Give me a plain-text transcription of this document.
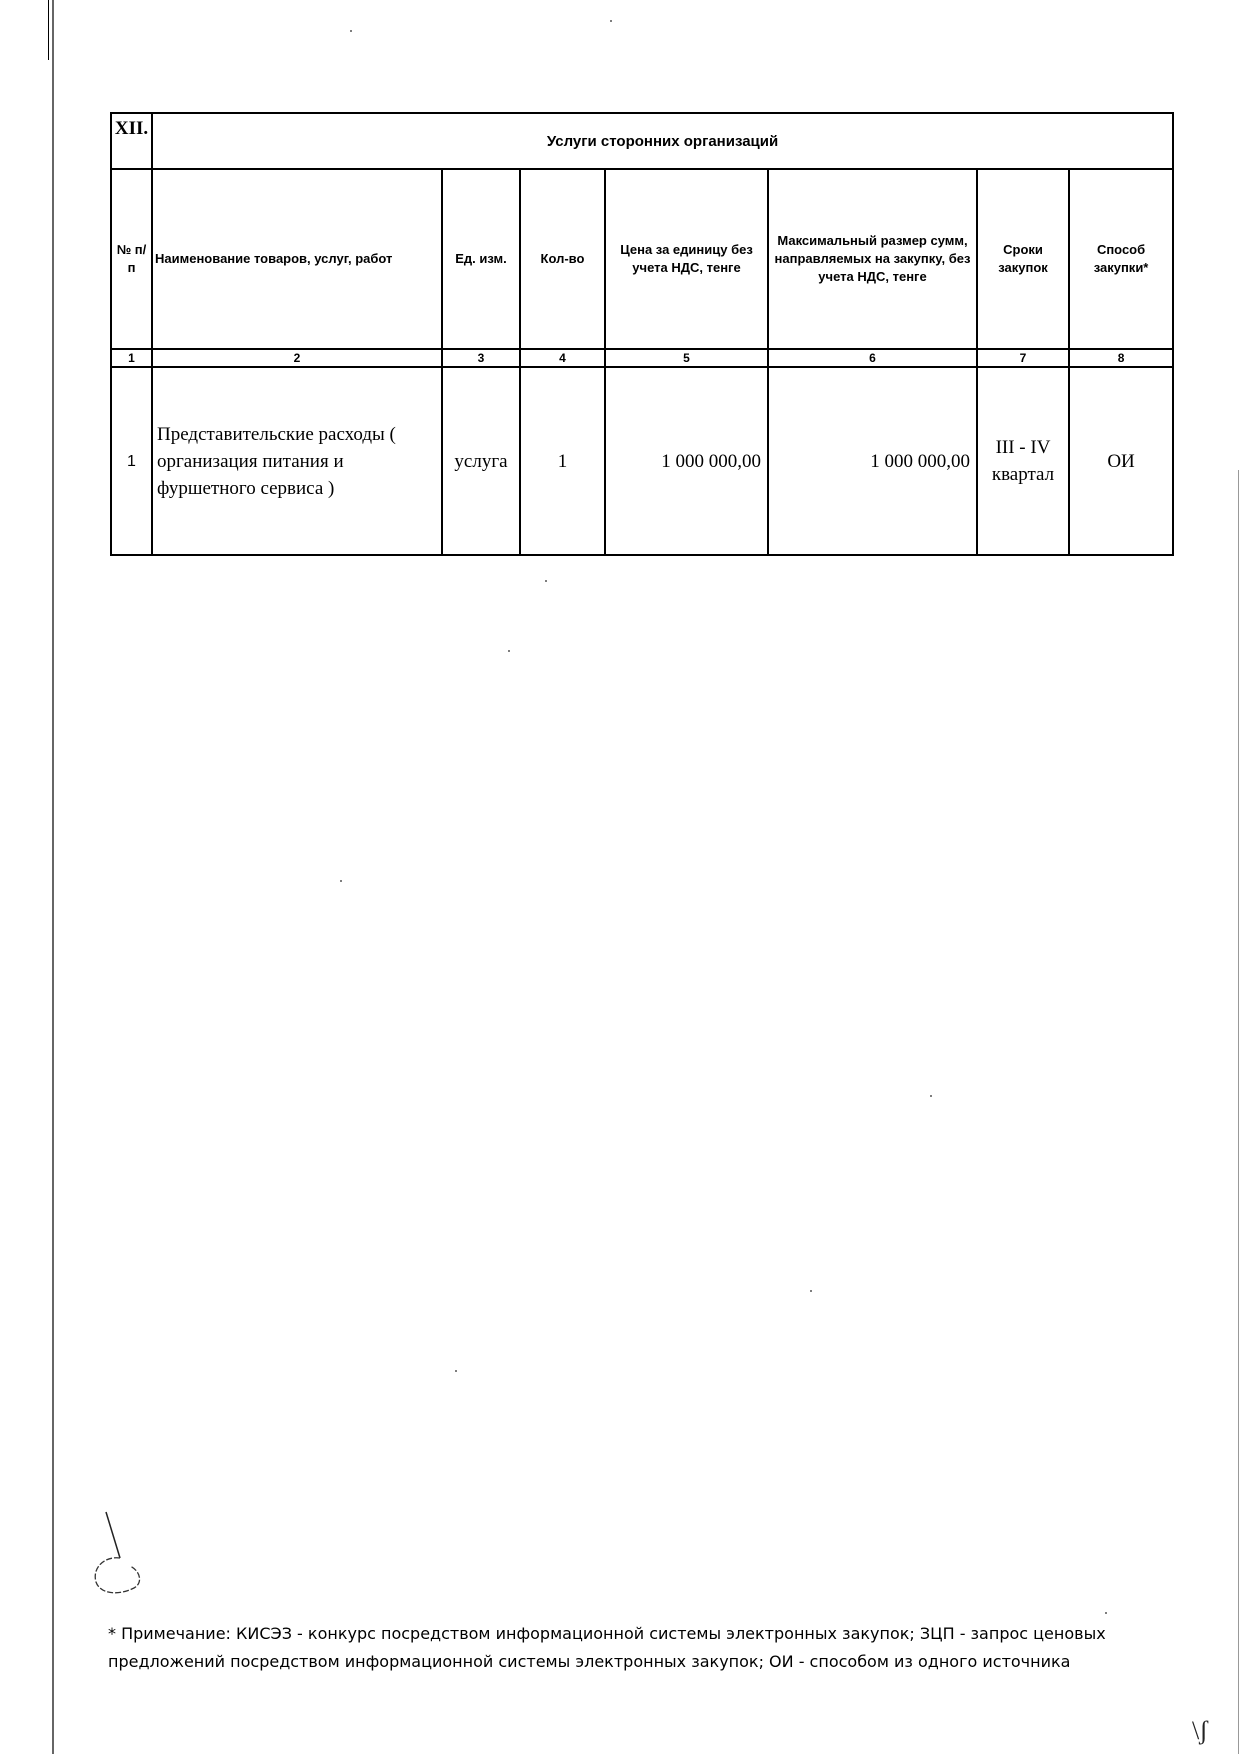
XII.	Услуги сторонних организаций						
№ п/п	Наименование товаров, услуг, работ	Ед. изм.	Кол-во	Цена за единицу без учета НДС, тенге	Максимальный размер сумм, направляемых на закупку, без учета НДС, тенге	Сроки закупок	Способ закупки*
1	2	3	4	5	6	7	8
1	Представительские расходы ( организация питания и фуршетного сервиса )	услуга	1	1 000 000,00	1 000 000,00	III - IV квартал	ОИ
* Примечание: КИСЭЗ - конкурс посредством информационной системы электронных закупок; ЗЦП - запрос ценовых предложений посредством информационной системы электронных закупок; ОИ - способом из одного источника
\ʃ
